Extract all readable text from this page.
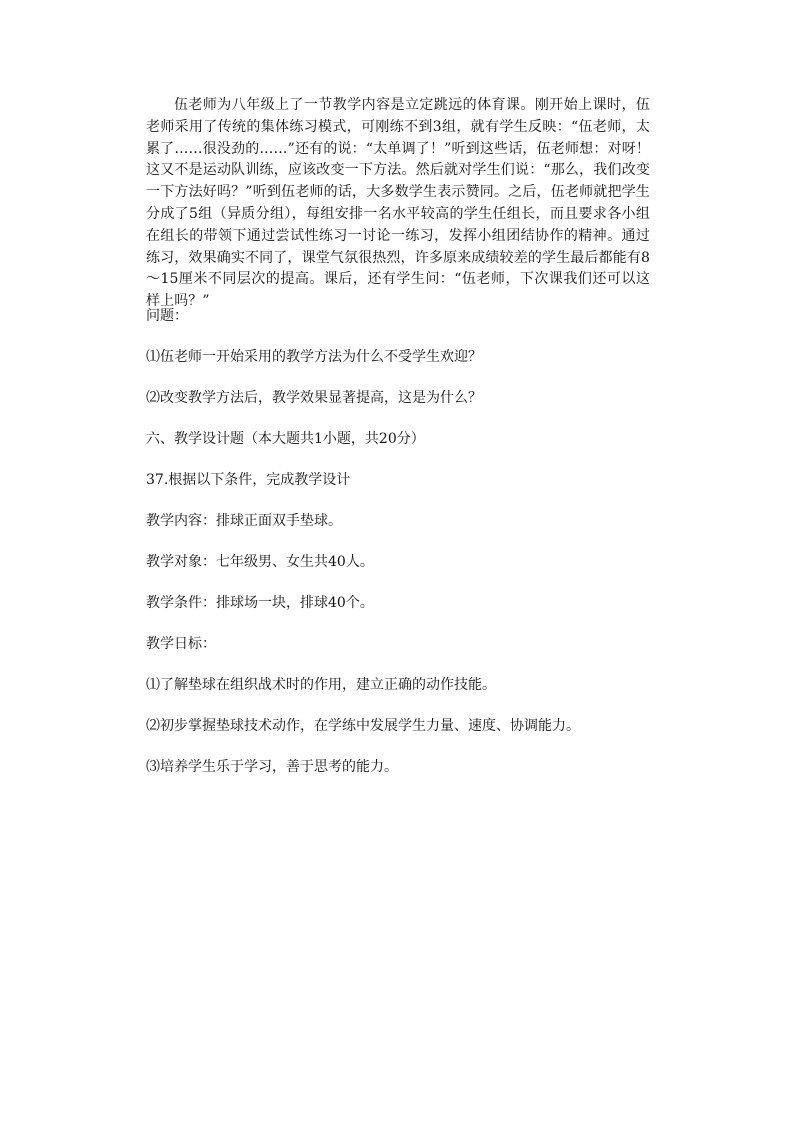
伍老师为八年级上了一节教学内容是立定跳远的体育课。刚开始上课时，伍老师采用了传统的集体练习模式，可刚练不到3组，就有学生反映：“伍老师，太累了……很没劲的……”还有的说：“太单调了！”听到这些话，伍老师想：对呀！这又不是运动队训练，应该改变一下方法。然后就对学生们说：“那么，我们改变一下方法好吗？”听到伍老师的话，大多数学生表示赞同。之后，伍老师就把学生分成了5组（异质分组），每组安排一名水平较高的学生任组长，而且要求各小组在组长的带领下通过尝试性练习一讨论一练习，发挥小组团结协作的精神。通过练习，效果确实不同了，课堂气氛很热烈，许多原来成绩较差的学生最后都能有8～15厘米不同层次的提高。课后，还有学生问：“伍老师，下次课我们还可以这样上吗？”

问题：

⑴伍老师一开始采用的教学方法为什么不受学生欢迎？

⑵改变教学方法后，教学效果显著提高，这是为什么？

六、教学设计题（本大题共1小题，共20分）

37.根据以下条件，完成教学设计

教学内容：排球正面双手垫球。

教学对象：七年级男、女生共40人。

教学条件：排球场一块，排球40个。

教学日标：

⑴了解垫球在组织战术时的作用，建立正确的动作技能。

⑵初步掌握垫球技术动作，在学练中发展学生力量、速度、协调能力。

⑶培养学生乐于学习，善于思考的能力。
